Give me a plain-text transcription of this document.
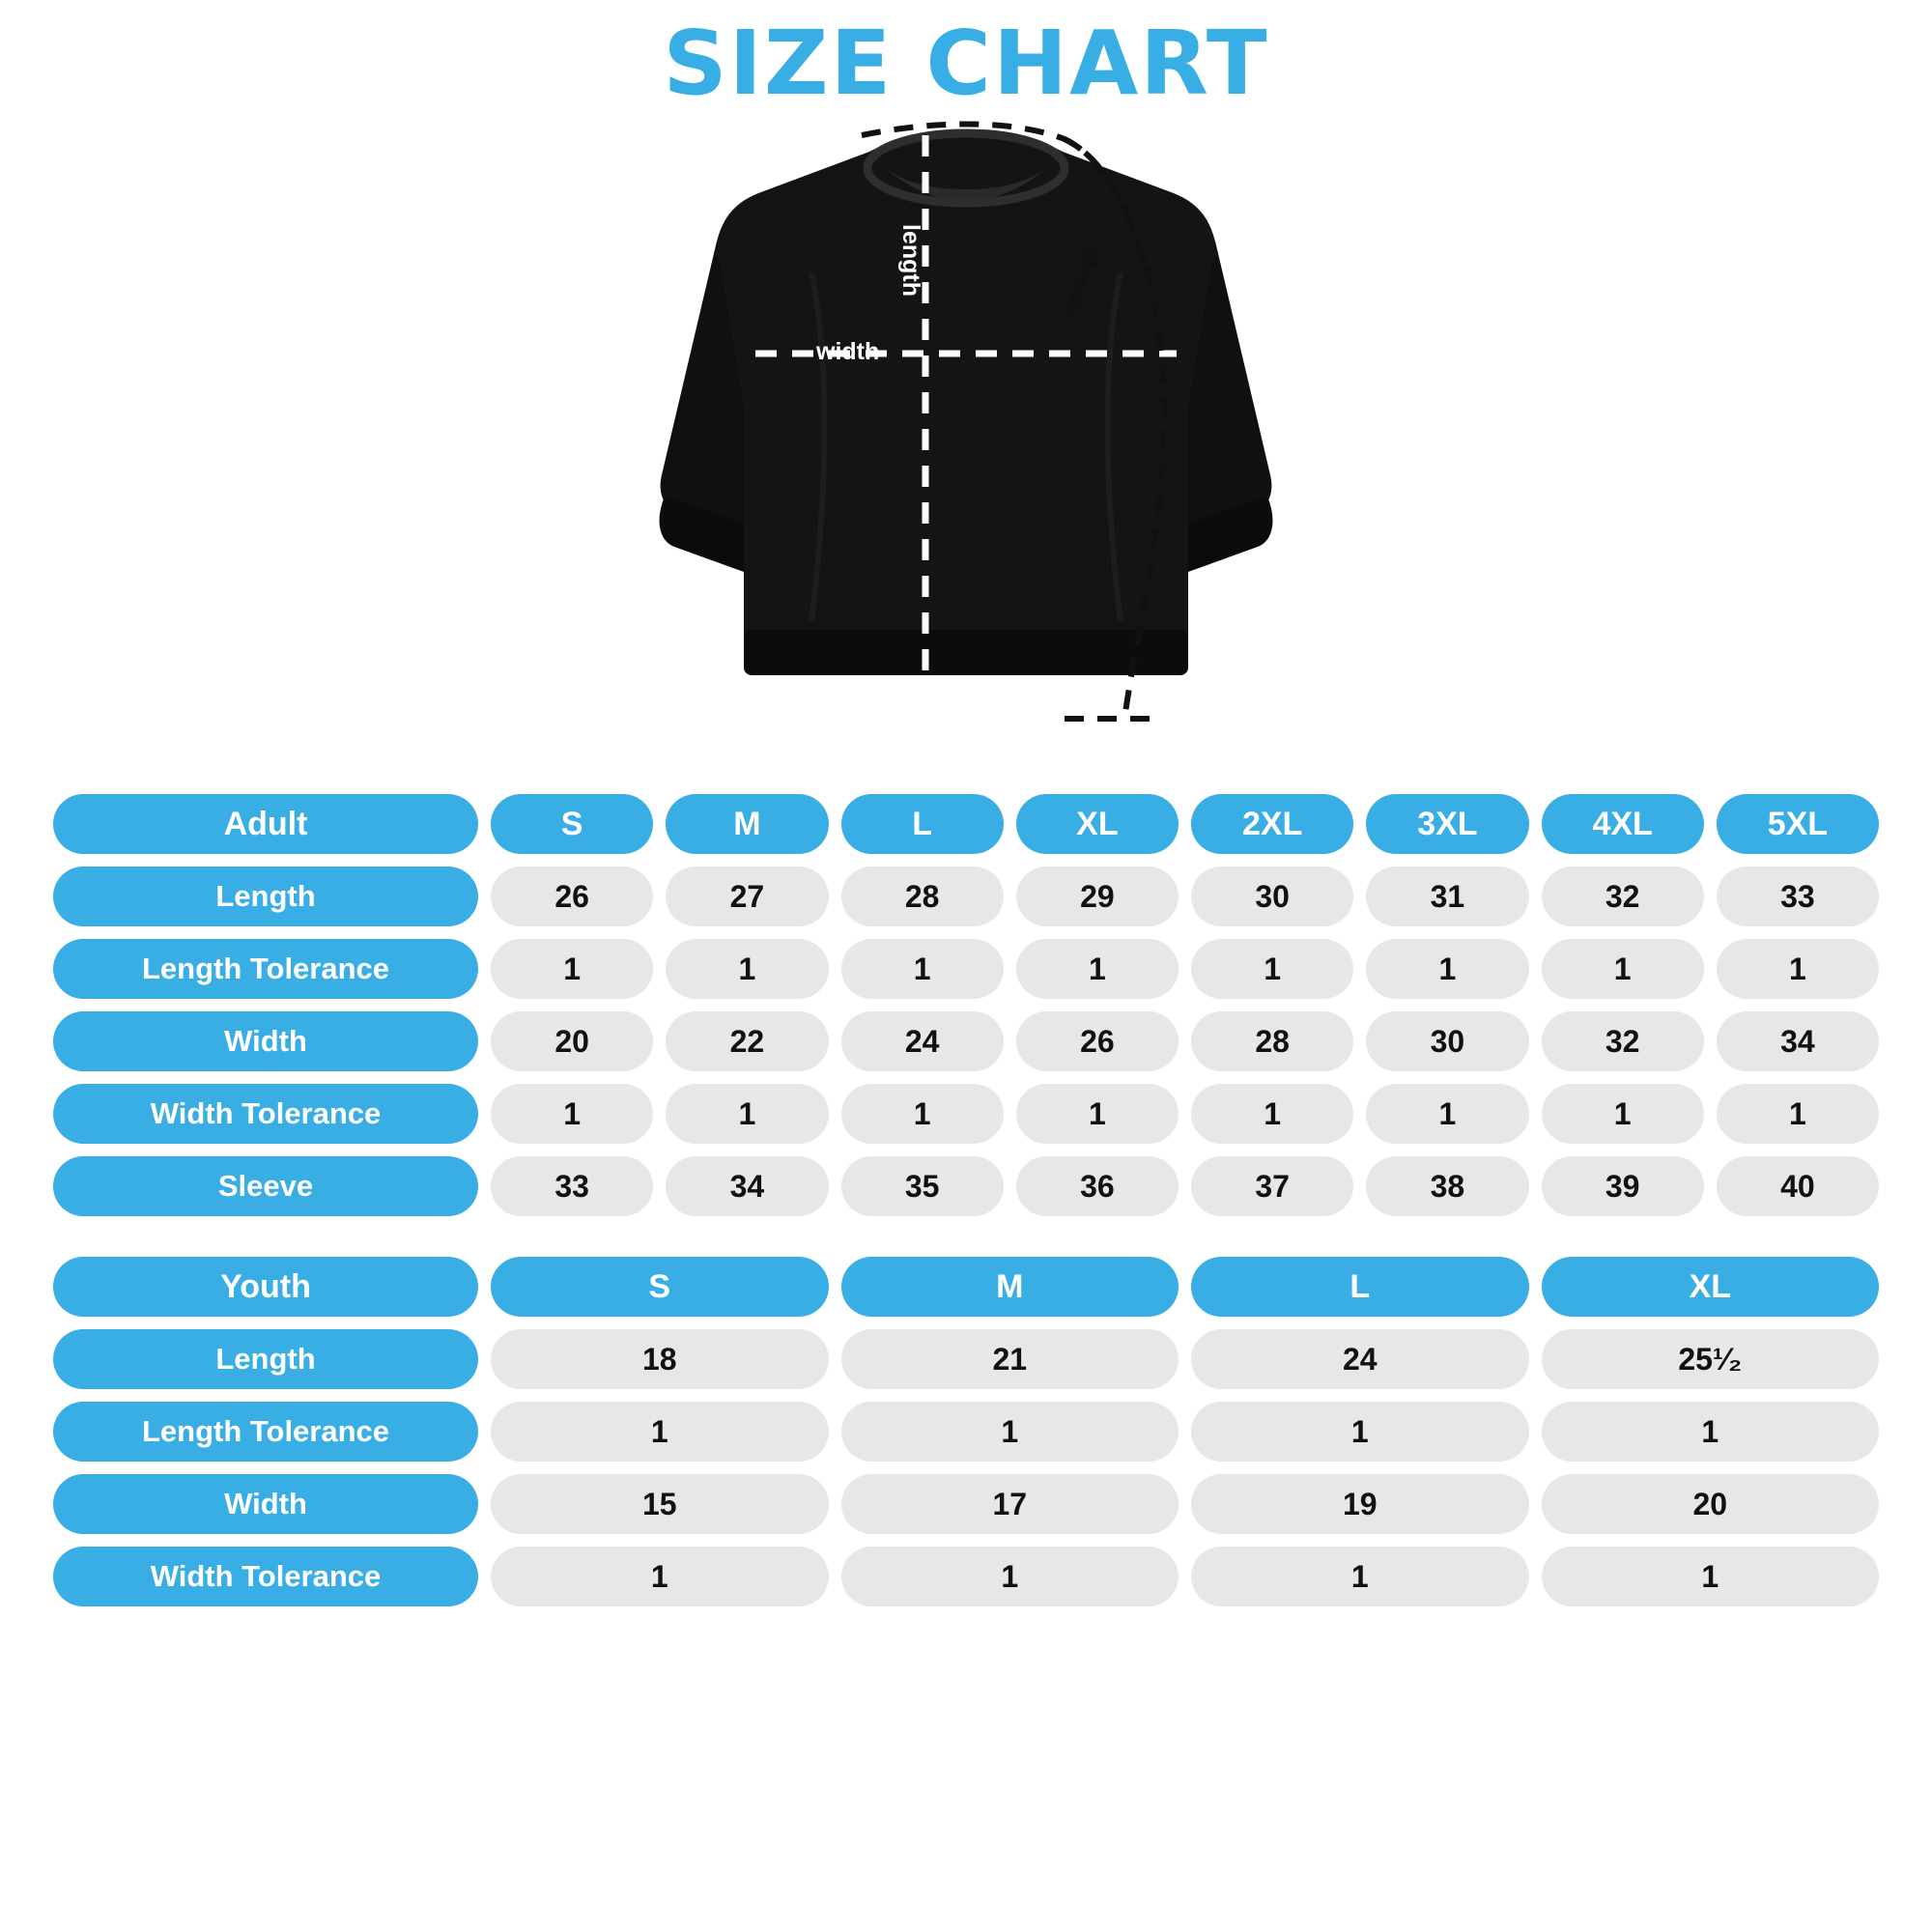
SIZE CHART
width
length	sleeve
Adult	S	M	L	XL	2XL	3XL	4XL	5XL
Length	26	27	28	29	30	31	32	33
Length Tolerance	1	1	1	1	1	1	1	1
Width	20	22	24	26	28	30	32	34
Width Tolerance	1	1	1	1	1	1	1	1
Sleeve	33	34	35	36	37	38	39	40
Youth	S	M	L	XL
Length	18	21	24	25¹⁄₂
Length Tolerance	1	1	1	1
Width	15	17	19	20
Width Tolerance	1	1	1	1
